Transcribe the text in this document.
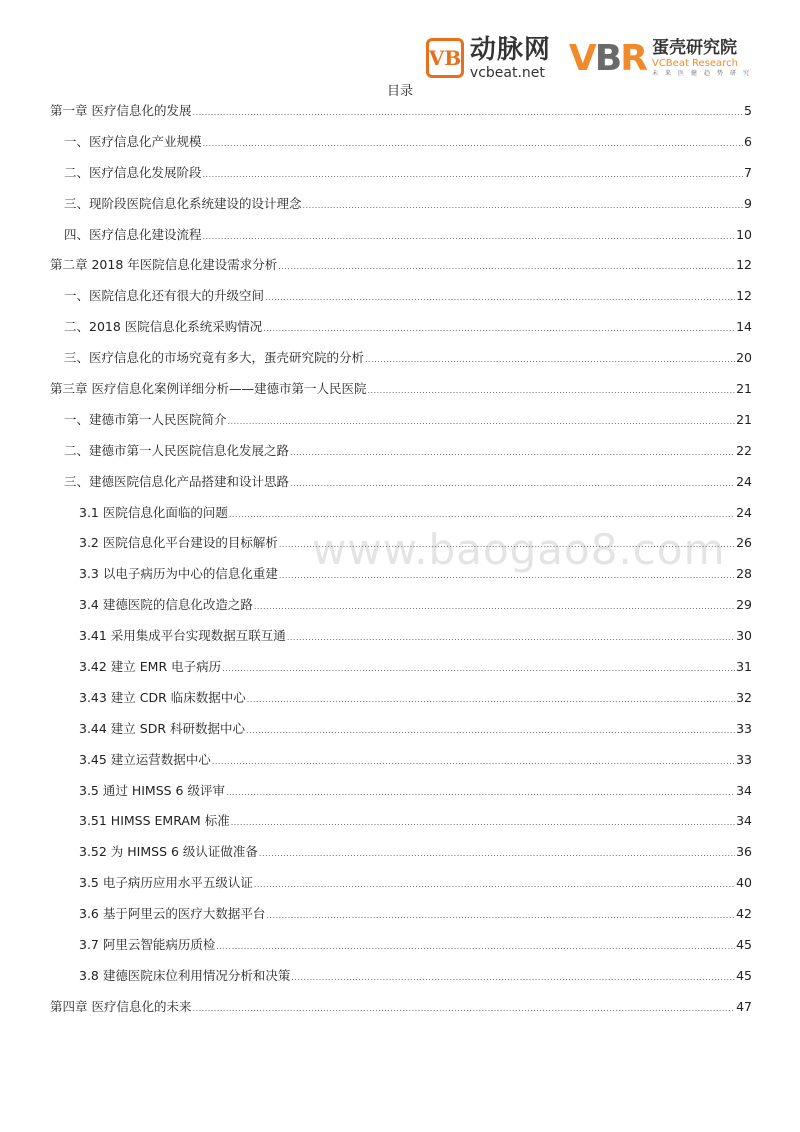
VB 动脉网
vcbeat.net VBR 蛋壳研究院
VCBeat Research
未来医健趋势研究
目录
www.baogao8.com
第一章 医疗信息化的发展 .....	5
一、医疗信息化产业规模 .....	6
二、医疗信息化发展阶段 .....	7
三、现阶段医院信息化系统建设的设计理念 .....	9
四、医疗信息化建设流程 .....	10
第二章 2018 年医院信息化建设需求分析 .....	12
一、医院信息化还有很大的升级空间 .....	12
二、2018 医院信息化系统采购情况 .....	14
三、医疗信息化的市场究竟有多大，蛋壳研究院的分析 .....	20
第三章 医疗信息化案例详细分析——建德市第一人民医院 .....	21
一、建德市第一人民医院简介 .....	21
二、建德市第一人民医院信息化发展之路 .....	22
三、建德医院信息化产品搭建和设计思路 .....	24
3.1 医院信息化面临的问题 .....	24
3.2 医院信息化平台建设的目标解析 .....	26
3.3 以电子病历为中心的信息化重建 .....	28
3.4 建德医院的信息化改造之路 .....	29
3.41 采用集成平台实现数据互联互通 .....	30
3.42 建立 EMR 电子病历 .....	31
3.43 建立 CDR 临床数据中心 .....	32
3.44 建立 SDR 科研数据中心 .....	33
3.45 建立运营数据中心 .....	33
3.5 通过 HIMSS 6 级评审 .....	34
3.51 HIMSS EMRAM 标准 .....	34
3.52 为 HIMSS 6 级认证做准备 .....	36
3.5 电子病历应用水平五级认证 .....	40
3.6 基于阿里云的医疗大数据平台 .....	42
3.7 阿里云智能病历质检 .....	45
3.8 建德医院床位利用情况分析和决策 .....	45
第四章 医疗信息化的未来 .....	47
